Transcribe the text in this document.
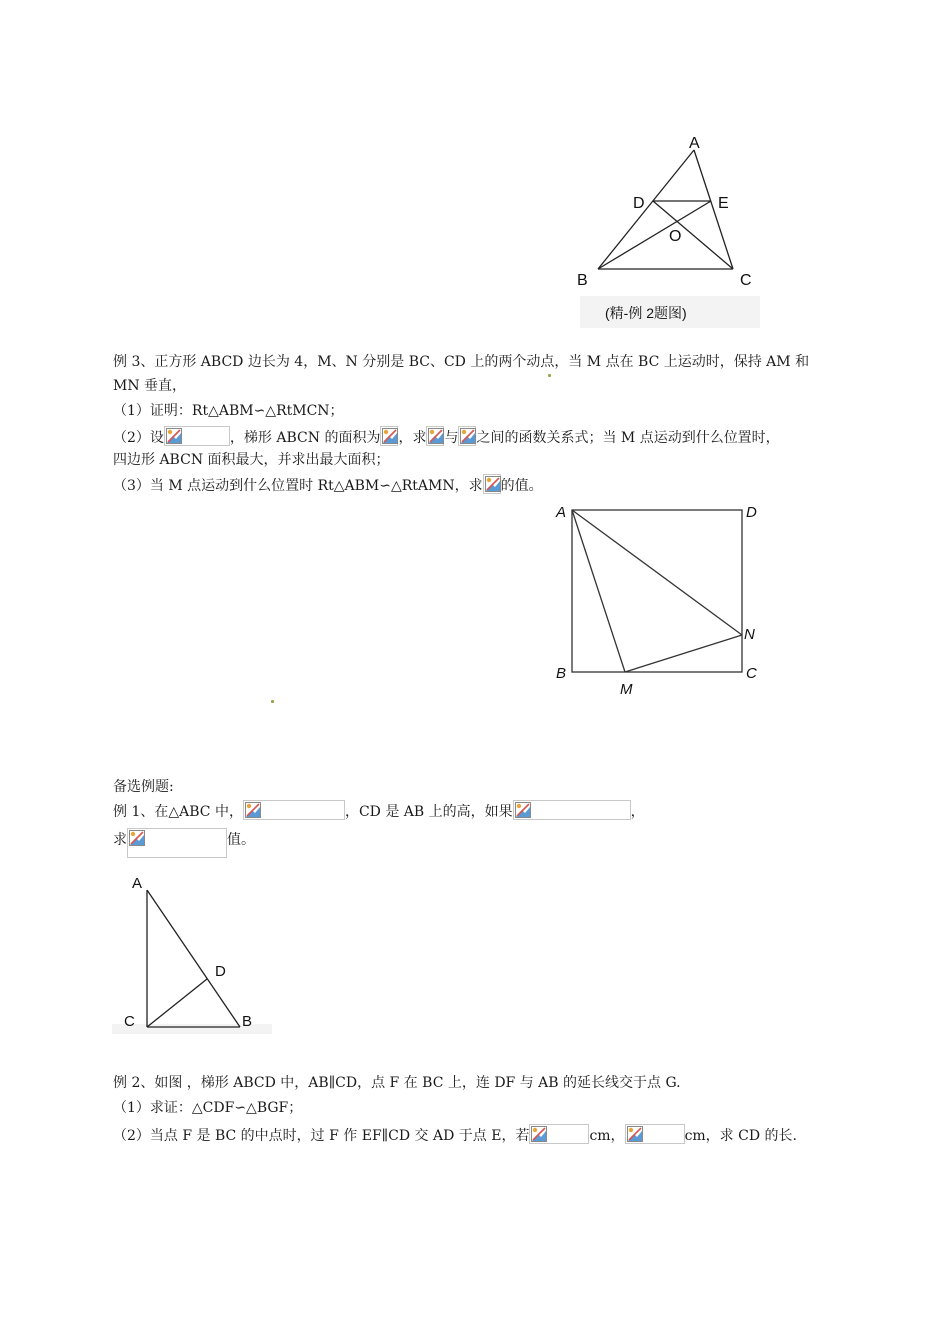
A
D	E
O
B	C
(精-例 2题图)
例 3、正方形 ABCD 边长为 4，M、N 分别是 BC、CD 上的两个动点，当 M 点在 BC 上运动时，保持 AM 和
MN 垂直，
（1）证明：Rt△ABM∽△RtMCN；
（2）设	，梯形 ABCN 的面积为 ，求 与 之间的函数关系式；当 M 点运动到什么位置时，
四边形 ABCN 面积最大，并求出最大面积；
（3）当 M 点运动到什么位置时 Rt△ABM∽△RtAMN，求 的值。
A	D
N
B	C
M
备选例题:
例 1、在△ABC 中，	，CD 是 AB 上的高，如果	，
求	值。
A
D
C	B
例 2、如图 ，梯形 ABCD 中，AB∥CD，点 F 在 BC 上，连 DF 与 AB 的延长线交于点 G.
（1）求证：△CDF∽△BGF；
（2）当点 F 是 BC 的中点时，过 F 作 EF∥CD 交 AD 于点 E，若	cm，	cm，求 CD 的长.
